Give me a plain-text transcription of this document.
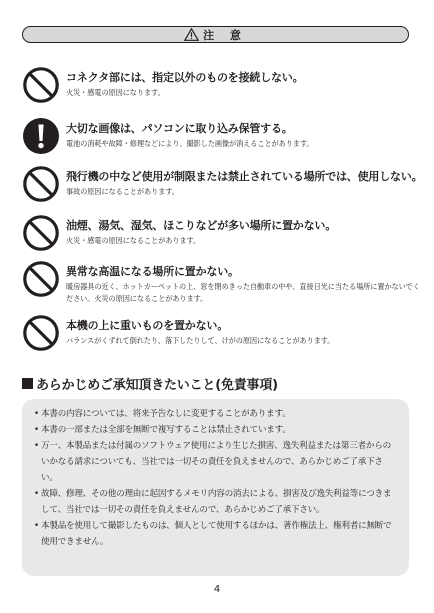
注 意
コネクタ部には、指定以外のものを接続しない。
火災・感電の原因になります。
大切な画像は、パソコンに取り込み保管する。
電池の消耗や故障・修理などにより、撮影した画像が消えることがあります。
飛行機の中など使用が制限または禁止されている場所では、使用しない。
事故の原因になることがあります。
油煙、湯気、湿気、ほこりなどが多い場所に置かない。
火災・感電の原因になることがあります。
異常な高温になる場所に置かない。
暖房器具の近く、ホットカーペットの上、窓を閉めきった自動車の中や、直接日光に当たる場所に置かないでください。火災の原因になることがあります。
本機の上に重いものを置かない。
バランスがくずれて倒れたり、落下したりして、けがの原因になることがあります。
あらかじめご承知頂きたいこと(免責事項)
• 本書の内容については、将来予告なしに変更することがあります。
• 本書の一部または全部を無断で複写することは禁止されています。
• 万一、本製品または付属のソフトウェア使用により生じた損害、逸失利益または第三者からのいかなる請求についても、当社では一切その責任を負えませんので、あらかじめご了承下さい。
• 故障、修理、その他の理由に起因するメモリ内容の消去による、損害及び逸失利益等につきまして、当社では一切その責任を負えませんので、あらかじめご了承下さい。
• 本製品を使用して撮影したものは、個人として使用するほかは、著作権法上、権利者に無断で使用できません。
4
